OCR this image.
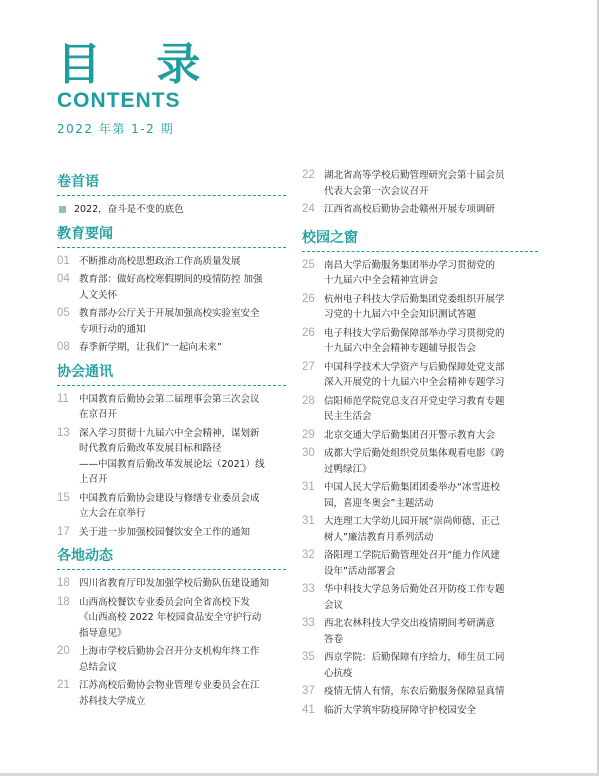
目 录
CONTENTS
2022 年第 1-2 期
卷首语
2022，奋斗是不变的底色
教育要闻
01 不断推动高校思想政治工作高质量发展
04 教育部：做好高校寒假期间的疫情防控 加强
人文关怀
05 教育部办公厅关于开展加强高校实验室安全
专项行动的通知
08 春季新学期，让我们“一起向未来”
协会通讯
11	中国教育后勤协会第二届理事会第三次会议
在京召开
13 深入学习贯彻十九届六中全会精神，谋划新
时代教育后勤改革发展目标和路径
——中国教育后勤改革发展论坛（2021）线
上召开
15 中国教育后勤协会建设与修缮专业委员会成
立大会在京举行
17 关于进一步加强校园餐饮安全工作的通知
各地动态
18 四川省教育厅印发加强学校后勤队伍建设通知
18 山西高校餐饮专业委员会向全省高校下发
《山西高校 2022 年校园食品安全守护行动
指导意见》
20 上海市学校后勤协会召开分支机构年终工作
总结会议
21 江苏高校后勤协会物业管理专业委员会在江
苏科技大学成立
22 湖北省高等学校后勤管理研究会第十届会员
代表大会第一次会议召开
24 江西省高校后勤协会赴赣州开展专项调研
校园之窗
25 南昌大学后勤服务集团举办学习贯彻党的
十九届六中全会精神宣讲会
26 杭州电子科技大学后勤集团党委组织开展学
习党的十九届六中全会知识测试答题
26 电子科技大学后勤保障部举办学习贯彻党的
十九届六中全会精神专题辅导报告会
27 中国科学技术大学资产与后勤保障处党支部
深入开展党的十九届六中全会精神专题学习
28 信阳师范学院党总支召开党史学习教育专题
民主生活会
29 北京交通大学后勤集团召开警示教育大会
30 成都大学后勤处组织党员集体观看电影《跨
过鸭绿江》
31 中国人民大学后勤集团团委举办“冰雪进校
园，喜迎冬奥会”主题活动
31 大连理工大学幼儿园开展“崇尚师德、正己
树人”廉洁教育月系列活动
32 洛阳理工学院后勤管理处召开“能力作风建
设年”活动部署会
33 华中科技大学总务后勤处召开防疫工作专题
会议
33 西北农林科技大学交出疫情期间考研满意
答卷
35 西京学院：后勤保障有序给力，师生员工同
心抗疫
37 疫情无情人有情，东农后勤服务保障显真情
41 临沂大学筑牢防疫屏障守护校园安全
